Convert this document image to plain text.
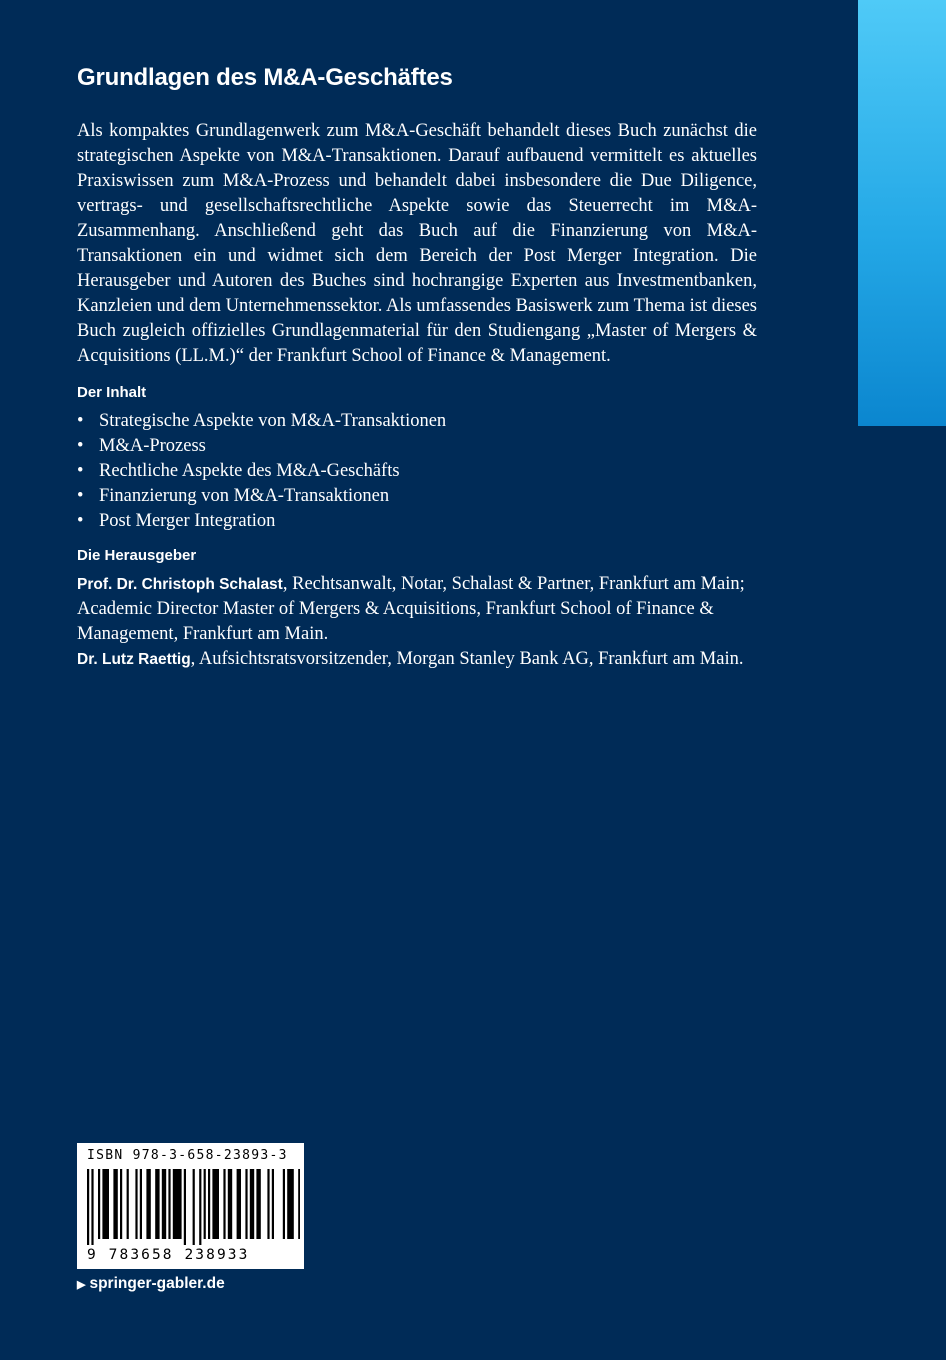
Grundlagen des M&A-Geschäftes

Als kompaktes Grundlagenwerk zum M&A-Geschäft behandelt dieses Buch zunächst die strategischen Aspekte von M&A-Transaktionen. Darauf aufbauend vermittelt es aktuelles Praxiswissen zum M&A-Prozess und behandelt dabei insbesondere die Due Diligence, vertrags- und gesellschaftsrechtliche Aspekte sowie das Steuerrecht im M&A-Zusammenhang. Anschließend geht das Buch auf die Finanzierung von M&A-Transaktionen ein und widmet sich dem Bereich der Post Merger Integration. Die Herausgeber und Autoren des Buches sind hochrangige Experten aus Investmentbanken, Kanzleien und dem Unternehmenssektor. Als umfassendes Basiswerk zum Thema ist dieses Buch zugleich offizielles Grundlagenmaterial für den Studiengang „Master of Mergers & Acquisitions (LL.M.)“ der Frankfurt School of Finance & Management.

Der Inhalt
• Strategische Aspekte von M&A-Transaktionen
• M&A-Prozess
• Rechtliche Aspekte des M&A-Geschäfts
• Finanzierung von M&A-Transaktionen
• Post Merger Integration
Die Herausgeber

Prof. Dr. Christoph Schalast, Rechtsanwalt, Notar, Schalast & Partner, Frankfurt am Main; Academic Director Master of Mergers & Acquisitions, Frankfurt School of Finance & Management, Frankfurt am Main.

Dr. Lutz Raettig, Aufsichtsratsvorsitzender, Morgan Stanley Bank AG, Frankfurt am Main.

ISBN 978-3-658-23893-3
9 783658 238933
▶ springer-gabler.de
